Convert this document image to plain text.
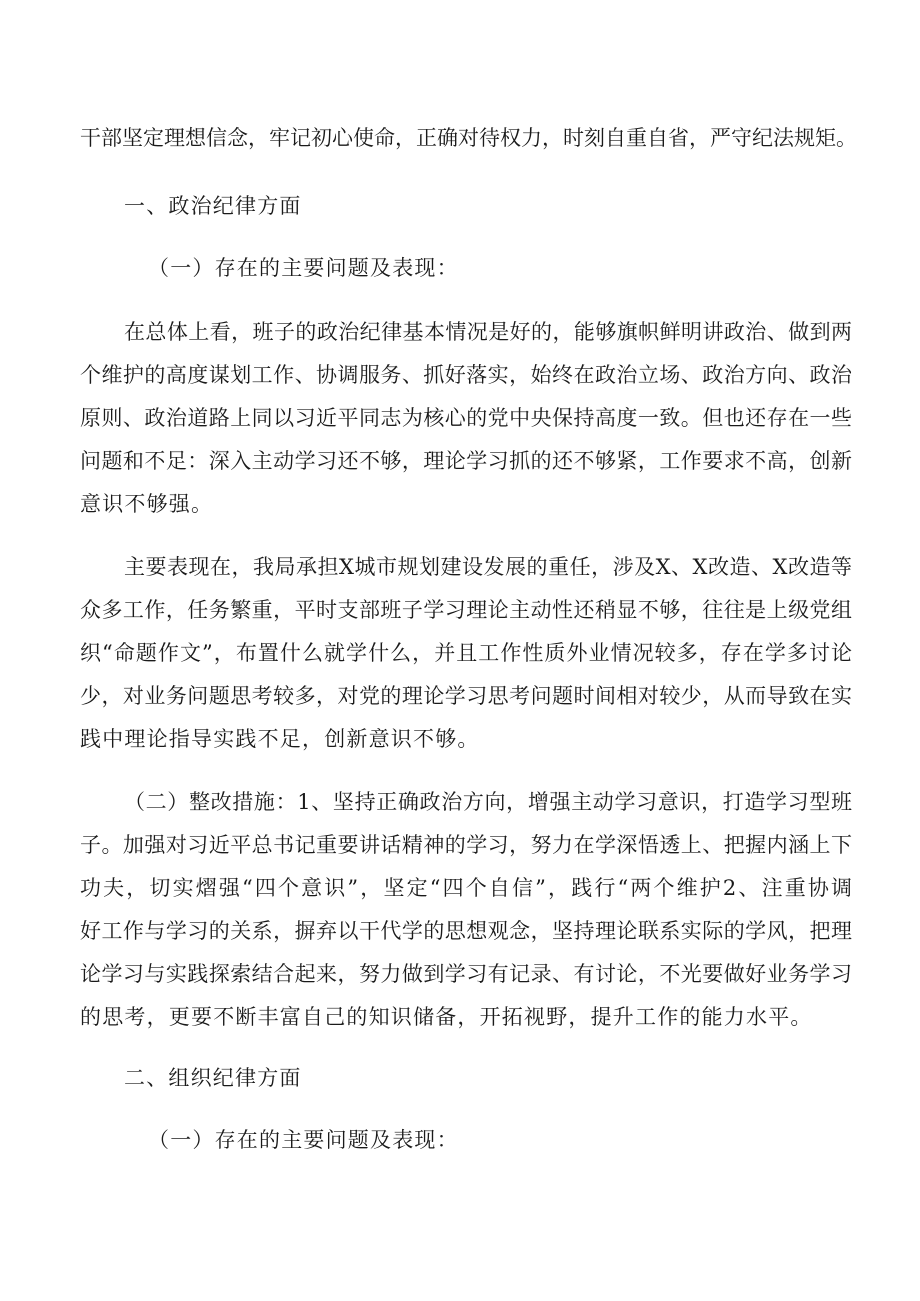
干部坚定理想信念，牢记初心使命，正确对待权力，时刻自重自省，严守纪法规矩。
一、政治纪律方面
（一）存在的主要问题及表现：
在总体上看，班子的政治纪律基本情况是好的，能够旗帜鲜明讲政治、做到两
个维护的高度谋划工作、协调服务、抓好落实，始终在政治立场、政治方向、政治
原则、政治道路上同以习近平同志为核心的党中央保持高度一致。但也还存在一些
问题和不足：深入主动学习还不够，理论学习抓的还不够紧，工作要求不高，创新
意识不够强。
主要表现在，我局承担X城市规划建设发展的重任，涉及X、X改造、X改造等
众多工作，任务繁重，平时支部班子学习理论主动性还稍显不够，往往是上级党组
织“命题作文”，布置什么就学什么，并且工作性质外业情况较多，存在学多讨论
少，对业务问题思考较多，对党的理论学习思考问题时间相对较少，从而导致在实
践中理论指导实践不足，创新意识不够。
（二）整改措施：1、坚持正确政治方向，增强主动学习意识，打造学习型班
子。加强对习近平总书记重要讲话精神的学习，努力在学深悟透上、把握内涵上下
功夫，切实熠强“四个意识”，坚定“四个自信”，践行“两个维护2、注重协调
好工作与学习的关系，摒弃以干代学的思想观念，坚持理论联系实际的学风，把理
论学习与实践探索结合起来，努力做到学习有记录、有讨论，不光要做好业务学习
的思考，更要不断丰富自己的知识储备，开拓视野，提升工作的能力水平。
二、组织纪律方面
（一）存在的主要问题及表现：
